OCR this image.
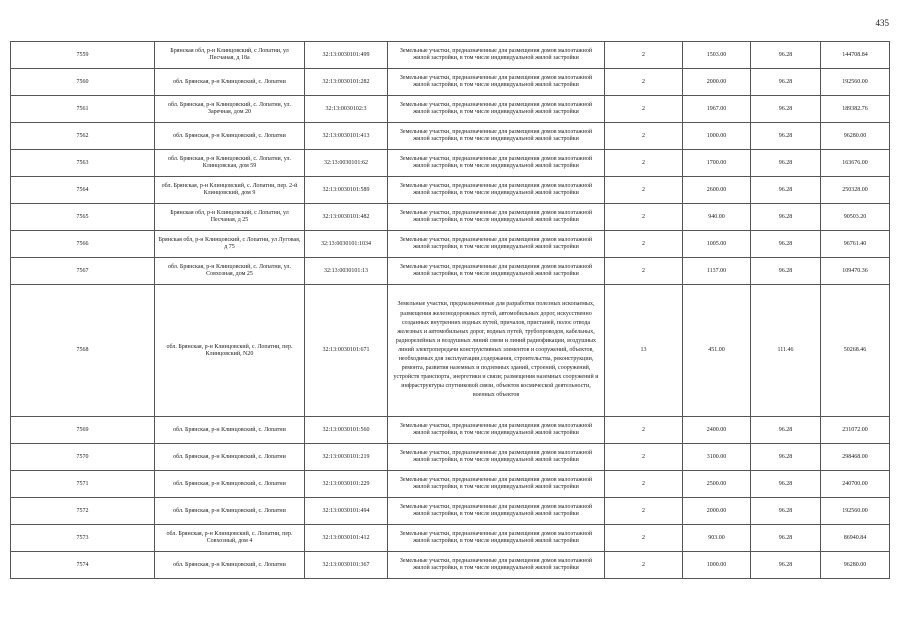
435
7559	Брянская обл, р-н Клинцовский, с Лопатни, ул Песчаная, д 18а	32:13:0030101:499	Земельные участки, предназначенные для размещения домов малоэтажной жилой застройки, в том числе индивидуальной жилой застройки	2	1503.00	96.28	144708.84
7560	обл. Брянская, р-н Клинцовский, с. Лопатни	32:13:0030101:282	Земельные участки, предназначенные для размещения домов малоэтажной жилой застройки, в том числе индивидуальной жилой застройки	2	2000.00	96.28	192560.00
7561	обл. Брянская, р-н Клинцовский, с. Лопатни, ул. Заречная, дом 20	32:13:0030102:3	Земельные участки, предназначенные для размещения домов малоэтажной жилой застройки, в том числе индивидуальной жилой застройки	2	1967.00	96.28	189382.76
7562	обл. Брянская, р-н Клинцовский, с. Лопатни	32:13:0030101:413	Земельные участки, предназначенные для размещения домов малоэтажной жилой застройки, в том числе индивидуальной жилой застройки	2	1000.00	96.28	96280.00
7563	обл. Брянская, р-н Клинцовский, с. Лопатни, ул. Клинцовская, дом 59	32:13:0030101:62	Земельные участки, предназначенные для размещения домов малоэтажной жилой застройки, в том числе индивидуальной жилой застройки	2	1700.00	96.28	163676.00
7564	обл. Брянская, р-н Клинцовский, с. Лопатни, пер. 2-й Клинцовский, дом 9	32:13:0030101:589	Земельные участки, предназначенные для размещения домов малоэтажной жилой застройки, в том числе индивидуальной жилой застройки	2	2600.00	96.28	250328.00
7565	Брянская обл, р-н Клинцовский, с Лопатни, ул Песчаная, д 25	32:13:0030101:482	Земельные участки, предназначенные для размещения домов малоэтажной жилой застройки, в том числе индивидуальной жилой застройки	2	940.00	96.28	90503.20
7566	Брянская обл, р-н Клинцовский, с Лопатни, ул Луговая, д 75	32:13:0030101:1034	Земельные участки, предназначенные для размещения домов малоэтажной жилой застройки, в том числе индивидуальной жилой застройки	2	1005.00	96.28	96761.40
7567	обл. Брянская, р-н Клинцовский, с. Лопатни, ул. Совхозная, дом 25	32:13:0030101:13	Земельные участки, предназначенные для размещения домов малоэтажной жилой застройки, в том числе индивидуальной жилой застройки	2	1137.00	96.28	109470.36
7568	обл. Брянская, р-н Клинцовский, с. Лопатни, пер. Клинцовский, N20	32:13:0030101:671	Земельные участки, предназначенные для разработки полезных ископаемых, размещения железнодорожных путей, автомобильных дорог, искусственно созданных внутренних водных путей, причалов, пристаней, полос отвода железных и автомобильных дорог, водных путей, трубопроводов, кабельных, радиорелейных и воздушных линий связи и линий радиофикации, воздушных линий электропередачи конструктивных элементов и сооружений, объектов, необходимых для эксплуатации,содержания, строительства, реконструкции, ремонта, развития наземных и подземных зданий, строений, сооружений, устройств транспорта, энергетики и связи; размещения наземных сооружений и инфраструктуры спутниковой связи, объектов космической деятельности, военных объектов	13	451.00	111.46	50268.46
7569	обл. Брянская, р-н Клинцовский, с. Лопатни	32:13:0030101:560	Земельные участки, предназначенные для размещения домов малоэтажной жилой застройки, в том числе индивидуальной жилой застройки	2	2400.00	96.28	231072.00
7570	обл. Брянская, р-н Клинцовский, с. Лопатни	32:13:0030101:219	Земельные участки, предназначенные для размещения домов малоэтажной жилой застройки, в том числе индивидуальной жилой застройки	2	3100.00	96.28	298468.00
7571	обл. Брянская, р-н Клинцовский, с. Лопатни	32:13:0030101:229	Земельные участки, предназначенные для размещения домов малоэтажной жилой застройки, в том числе индивидуальной жилой застройки	2	2500.00	96.28	240700.00
7572	обл. Брянская, р-н Клинцовский, с. Лопатни	32:13:0030101:494	Земельные участки, предназначенные для размещения домов малоэтажной жилой застройки, в том числе индивидуальной жилой застройки	2	2000.00	96.28	192560.00
7573	обл. Брянская, р-н Клинцовский, с. Лопатни, пер. Совхозный, дом 4	32:13:0030101:412	Земельные участки, предназначенные для размещения домов малоэтажной жилой застройки, в том числе индивидуальной жилой застройки	2	903.00	96.28	86940.84
7574	обл. Брянская, р-н Клинцовский, с. Лопатни	32:13:0030101:367	Земельные участки, предназначенные для размещения домов малоэтажной жилой застройки, в том числе индивидуальной жилой застройки	2	1000.00	96.28	96280.00
